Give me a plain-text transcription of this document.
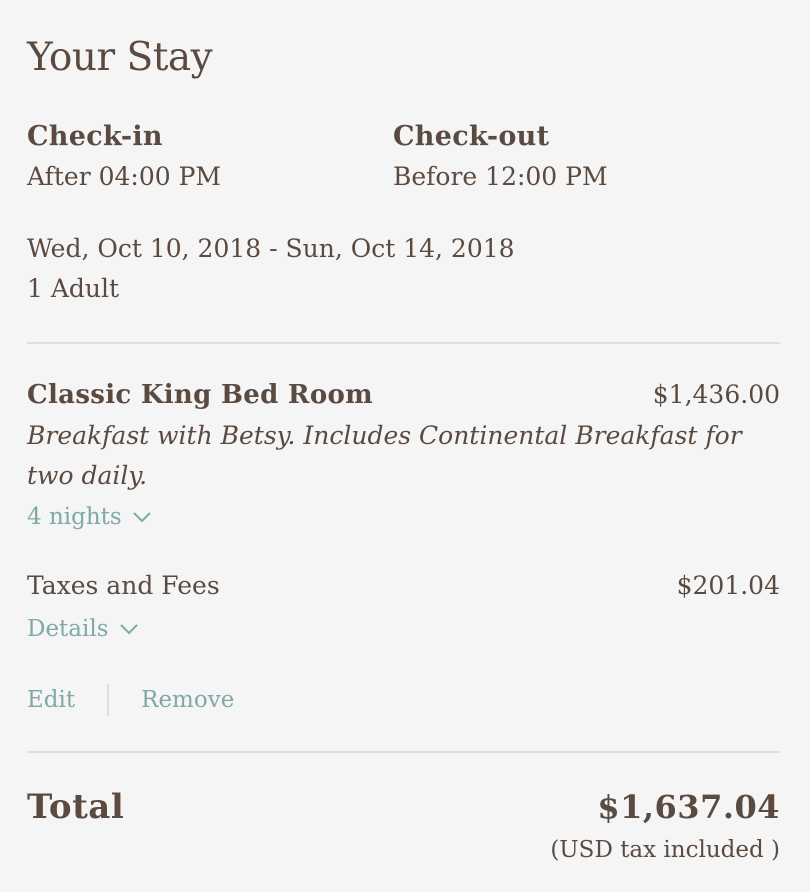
Your Stay
Check-in
After 04:00 PM
Check-out
Before 12:00 PM
Wed, Oct 10, 2018 - Sun, Oct 14, 2018
1 Adult
Classic King Bed Room	$1,436.00
Breakfast with Betsy. Includes Continental Breakfast for two daily.
4 nights
Taxes and Fees	$201.04
Details
Edit	Remove
Total	$1,637.04
(USD tax included )
